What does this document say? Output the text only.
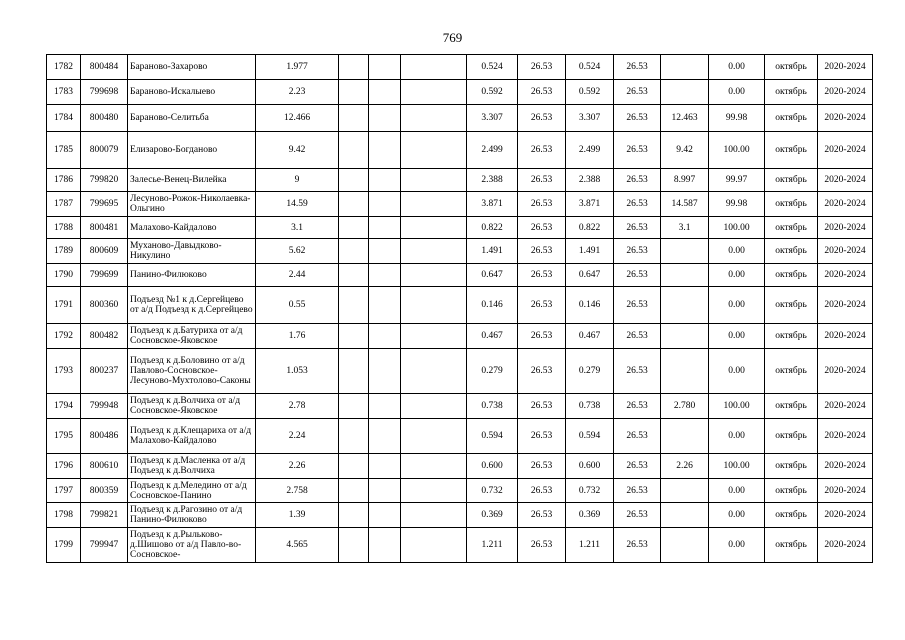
769
1782	800484	Бараново-Захарово	1.977				0.524	26.53	0.524	26.53		0.00	октябрь	2020-2024
1783	799698	Бараново-Искалыево	2.23				0.592	26.53	0.592	26.53		0.00	октябрь	2020-2024
1784	800480	Бараново-Селитьба	12.466				3.307	26.53	3.307	26.53	12.463	99.98	октябрь	2020-2024
1785	800079	Елизарово-Богданово	9.42				2.499	26.53	2.499	26.53	9.42	100.00	октябрь	2020-2024
1786	799820	Залесье-Венец-Вилейка	9				2.388	26.53	2.388	26.53	8.997	99.97	октябрь	2020-2024
1787	799695	Лесуново-Рожок-Николаевка-Ольгино	14.59				3.871	26.53	3.871	26.53	14.587	99.98	октябрь	2020-2024
1788	800481	Малахово-Кайдалово	3.1				0.822	26.53	0.822	26.53	3.1	100.00	октябрь	2020-2024
1789	800609	Муханово-Давыдково-Никулино	5.62				1.491	26.53	1.491	26.53		0.00	октябрь	2020-2024
1790	799699	Панино-Филюково	2.44				0.647	26.53	0.647	26.53		0.00	октябрь	2020-2024
1791	800360	Подъезд №1 к д.Сергейцево от а/д Подъезд к д.Сергейцево	0.55				0.146	26.53	0.146	26.53		0.00	октябрь	2020-2024
1792	800482	Подъезд к д.Батуриха от а/д Сосновское-Яковское	1.76				0.467	26.53	0.467	26.53		0.00	октябрь	2020-2024
1793	800237	Подъезд к д.Боловино от а/д Павлово-Сосновское-Лесуново-Мухтолово-Саконы	1.053				0.279	26.53	0.279	26.53		0.00	октябрь	2020-2024
1794	799948	Подъезд к д.Волчиха от а/д Сосновское-Яковское	2.78				0.738	26.53	0.738	26.53	2.780	100.00	октябрь	2020-2024
1795	800486	Подъезд к д.Клещариха от а/д Малахово-Кайдалово	2.24				0.594	26.53	0.594	26.53		0.00	октябрь	2020-2024
1796	800610	Подъезд к д.Масленка от а/д Подъезд к д.Волчиха	2.26				0.600	26.53	0.600	26.53	2.26	100.00	октябрь	2020-2024
1797	800359	Подъезд к д.Меледино от а/д Сосновское-Панино	2.758				0.732	26.53	0.732	26.53		0.00	октябрь	2020-2024
1798	799821	Подъезд к д.Рагозино от а/д Панино-Филюково	1.39				0.369	26.53	0.369	26.53		0.00	октябрь	2020-2024
1799	799947	Подъезд к д.Рыльково-д.Шишово от а/д Павло-во-Сосновское-	4.565				1.211	26.53	1.211	26.53		0.00	октябрь	2020-2024
